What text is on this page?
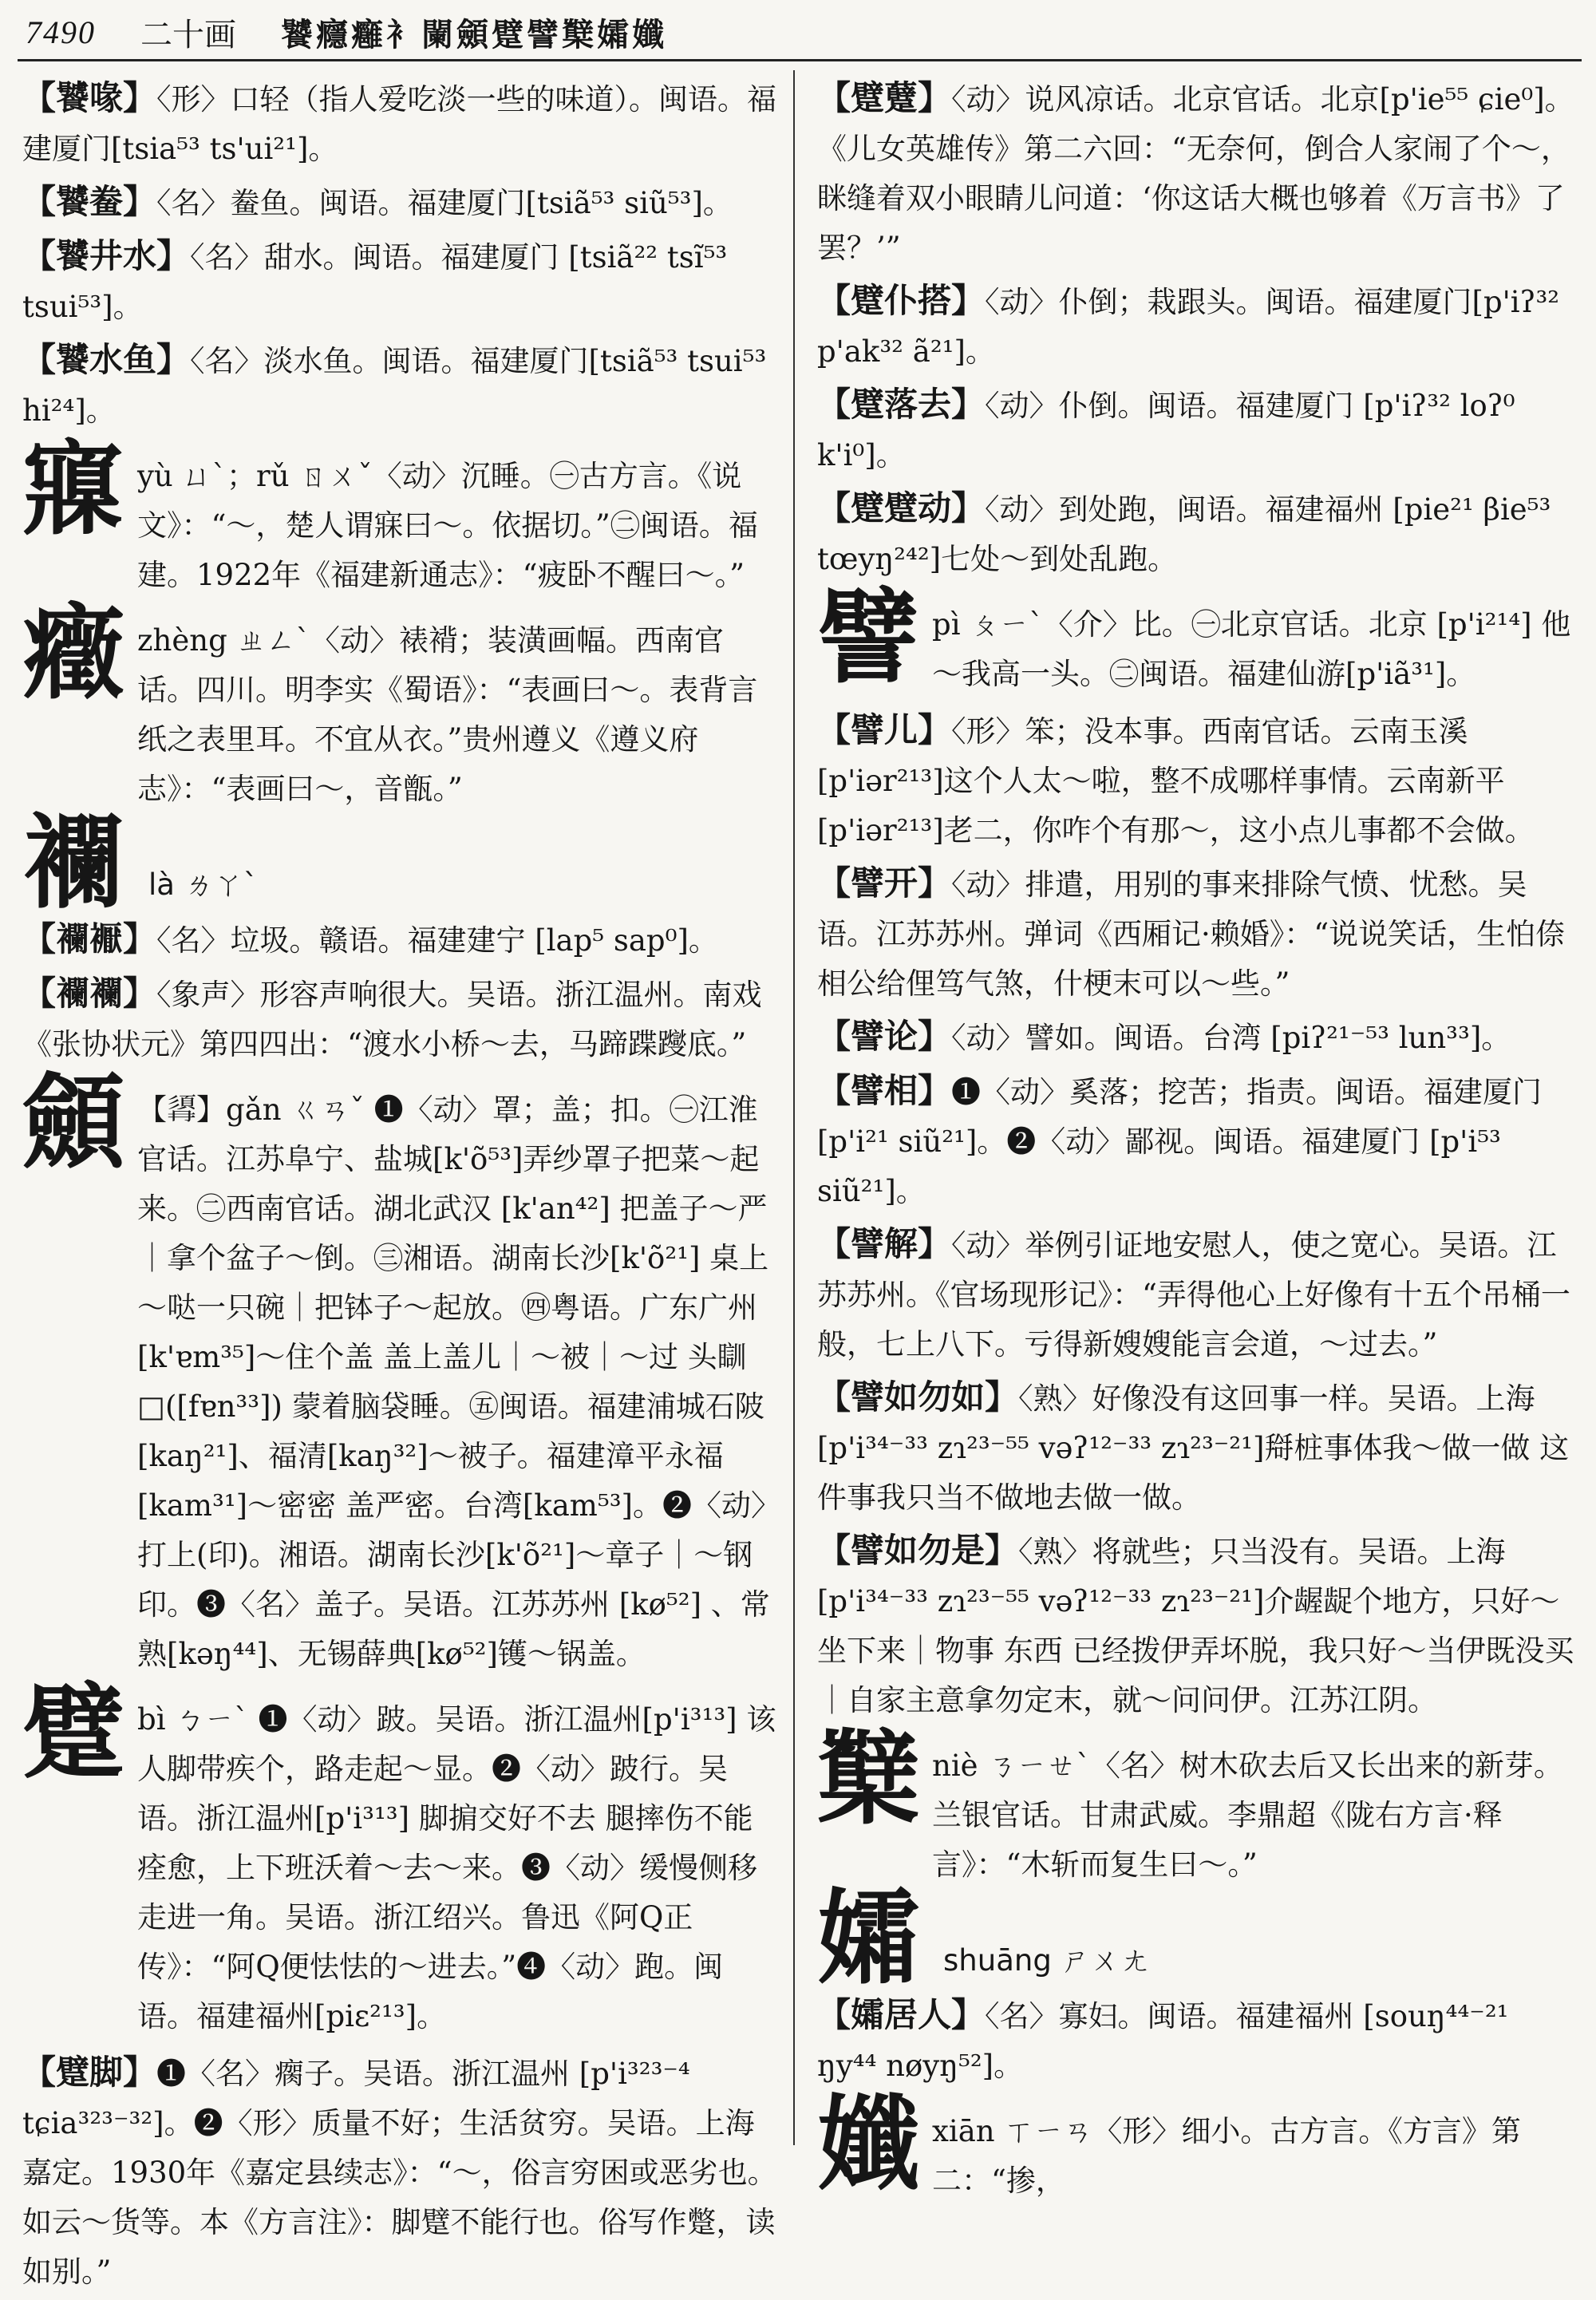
7490 二十画 饕癮癰衤闌顩躄譬櫱孀孅
【饕喙】〈形〉口轻（指人爱吃淡一些的味道）。闽语。福建厦门[tsia⁵³ ts'ui²¹]。
【饕鲞】〈名〉鲞鱼。闽语。福建厦门[tsiã⁵³ siũ⁵³]。
【饕井水】〈名〉甜水。闽语。福建厦门 [tsiã²² tsĩ⁵³ tsui⁵³]。
【饕水鱼】〈名〉淡水鱼。闽语。福建厦门[tsiã⁵³ tsui⁵³ hi²⁴]。
寱 yù ㄩˋ；rǔ ㄖㄨˇ〈动〉沉睡。㊀古方言。《说文》：“～，楚人谓寐曰～。依据切。”㊁闽语。福建。1922年《福建新通志》：“疲卧不醒曰～。”
癥 zhèng ㄓㄥˋ〈动〉裱褙；装潢画幅。西南官话。四川。明李实《蜀语》：“表画曰～。表背言纸之表里耳。不宜从衣。”贵州遵义《遵义府志》：“表画曰～，音甑。”
襴 là ㄌㄚˋ
【襴𧞣】〈名〉垃圾。赣语。福建建宁 [lap⁵ sap⁰]。
【襴襴】〈象声〉形容声响很大。吴语。浙江温州。南戏《张协状元》第四四出：“渡水小桥～去，马蹄蹀躞底。”
顩 【𩒹】gǎn ㄍㄢˇ ❶〈动〉罩；盖；扣。㊀江淮官话。江苏阜宁、盐城[k'õ⁵³]弄纱罩子把菜～起来。㊁西南官话。湖北武汉 [k'an⁴²] 把盖子～严｜拿个盆子～倒。㊂湘语。湖南长沙[k'õ²¹] 桌上～哒一只碗｜把钵子～起放。㊃粤语。广东广州 [k'ɐm³⁵]～住个盖 盖上盖儿｜～被｜～过 头瞓□([fɐn³³]) 蒙着脑袋睡。㊄闽语。福建浦城石陂 [kaŋ²¹]、福清[kaŋ³²]～被子。福建漳平永福[kam³¹]～密密 盖严密。台湾[kam⁵³]。❷〈动〉打上(印)。湘语。湖南长沙[k'õ²¹]～章子｜～钢印。❸〈名〉盖子。吴语。江苏苏州 [kø⁵²] 、常熟[kəŋ⁴⁴]、无锡薛典[kø⁵²]镬～锅盖。
躄 bì ㄅㄧˋ ❶〈动〉跛。吴语。浙江温州[p'i³¹³] 该人脚带疾个，路走起～显。❷〈动〉跛行。吴语。浙江温州[p'i³¹³] 脚掮交好不去 腿摔伤不能痊愈，上下班沃着～去～来。❸〈动〉缓慢侧移走进一角。吴语。浙江绍兴。鲁迅《阿Q正传》：“阿Q便怯怯的～进去。”❹〈动〉跑。闽语。福建福州[piɛ²¹³]。
【躄脚】❶〈名〉瘸子。吴语。浙江温州 [p'i³²³⁻⁴ tɕia³²³⁻³²]。❷〈形〉质量不好；生活贫穷。吴语。上海嘉定。1930年《嘉定县续志》：“～，俗言穷困或恶劣也。如云～货等。本《方言注》：脚躄不能行也。俗写作蹩，读如别。”
【躄躠】〈动〉说风凉话。北京官话。北京[p'ie⁵⁵ ɕie⁰]。《儿女英雄传》第二六回：“无奈何，倒合人家闹了个～，眯缝着双小眼睛儿问道：‘你这话大概也够着《万言书》了罢？’”
【躄仆搭】〈动〉仆倒；栽跟头。闽语。福建厦门[p'iʔ³² p'ak³² ã²¹]。
【躄落去】〈动〉仆倒。闽语。福建厦门 [p'iʔ³² loʔ⁰ k'i⁰]。
【躄躄动】〈动〉到处跑，闽语。福建福州 [pie²¹ βie⁵³ tœyŋ²⁴²]七处～到处乱跑。
譬 pì ㄆㄧˋ〈介〉比。㊀北京官话。北京 [p'i²¹⁴] 他～我高一头。㊁闽语。福建仙游[p'iã³¹]。
【譬儿】〈形〉笨；没本事。西南官话。云南玉溪[p'iər²¹³]这个人太～啦，整不成哪样事情。云南新平[p'iər²¹³]老二，你咋个有那～，这小点儿事都不会做。
【譬开】〈动〉排遣，用别的事来排除气愤、忧愁。吴语。江苏苏州。弹词《西厢记·赖婚》：“说说笑话，生怕倷相公给俚笃气煞，什梗末可以～些。”
【譬论】〈动〉譬如。闽语。台湾 [piʔ²¹⁻⁵³ lun³³]。
【譬相】❶〈动〉奚落；挖苦；指责。闽语。福建厦门[p'i²¹ siũ²¹]。❷〈动〉鄙视。闽语。福建厦门 [p'i⁵³ siũ²¹]。
【譬解】〈动〉举例引证地安慰人，使之宽心。吴语。江苏苏州。《官场现形记》：“弄得他心上好像有十五个吊桶一般，七上八下。亏得新嫂嫂能言会道，～过去。”
【譬如勿如】〈熟〉好像没有这回事一样。吴语。上海 [p'i³⁴⁻³³ zɿ²³⁻⁵⁵ vəʔ¹²⁻³³ zɿ²³⁻²¹]搿桩事体我～做一做 这件事我只当不做地去做一做。
【譬如勿是】〈熟〉将就些；只当没有。吴语。上海 [p'i³⁴⁻³³ zɿ²³⁻⁵⁵ vəʔ¹²⁻³³ zɿ²³⁻²¹]介龌龊个地方，只好～坐下来｜物事 东西 已经拨伊弄坏脱，我只好～当伊既没买｜自家主意拿勿定末，就～问问伊。江苏江阴。
櫱 niè ㄋㄧㄝˋ〈名〉树木砍去后又长出来的新芽。兰银官话。甘肃武威。李鼎超《陇右方言·释言》：“木斩而复生曰～。”
孀 shuāng ㄕㄨㄤ
【孀居人】〈名〉寡妇。闽语。福建福州 [souŋ⁴⁴⁻²¹ ŋy⁴⁴ nøyŋ⁵²]。
孅 xiān ㄒㄧㄢ〈形〉细小。古方言。《方言》第二：“掺，
